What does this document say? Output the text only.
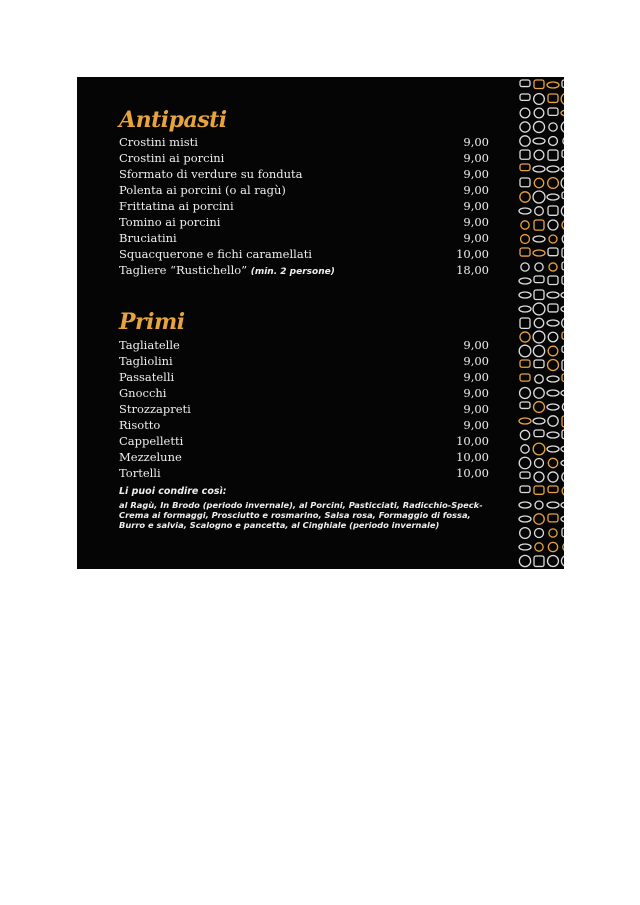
Antipasti
Crostini misti	9,00
Crostini ai porcini	9,00
Sformato di verdure su fonduta	9,00
Polenta ai porcini (o al ragù)	9,00
Frittatina ai porcini	9,00
Tomino ai porcini	9,00
Bruciatini	9,00
Squacquerone e fichi caramellati	10,00
Tagliere “Rustichello” (min. 2 persone)	18,00
Primi
Tagliatelle	9,00
Tagliolini	9,00
Passatelli	9,00
Gnocchi	9,00
Strozzapreti	9,00
Risotto	9,00
Cappelletti	10,00
Mezzelune	10,00
Tortelli	10,00
Li puoi condire così:
al Ragù, In Brodo (periodo invernale), al Porcini, Pasticciati, Radicchio-Speck-Crema ai formaggi, Prosciutto e rosmarino, Salsa rosa, Formaggio di fossa, Burro e salvia, Scalogno e pancetta, al Cinghiale (periodo invernale)
